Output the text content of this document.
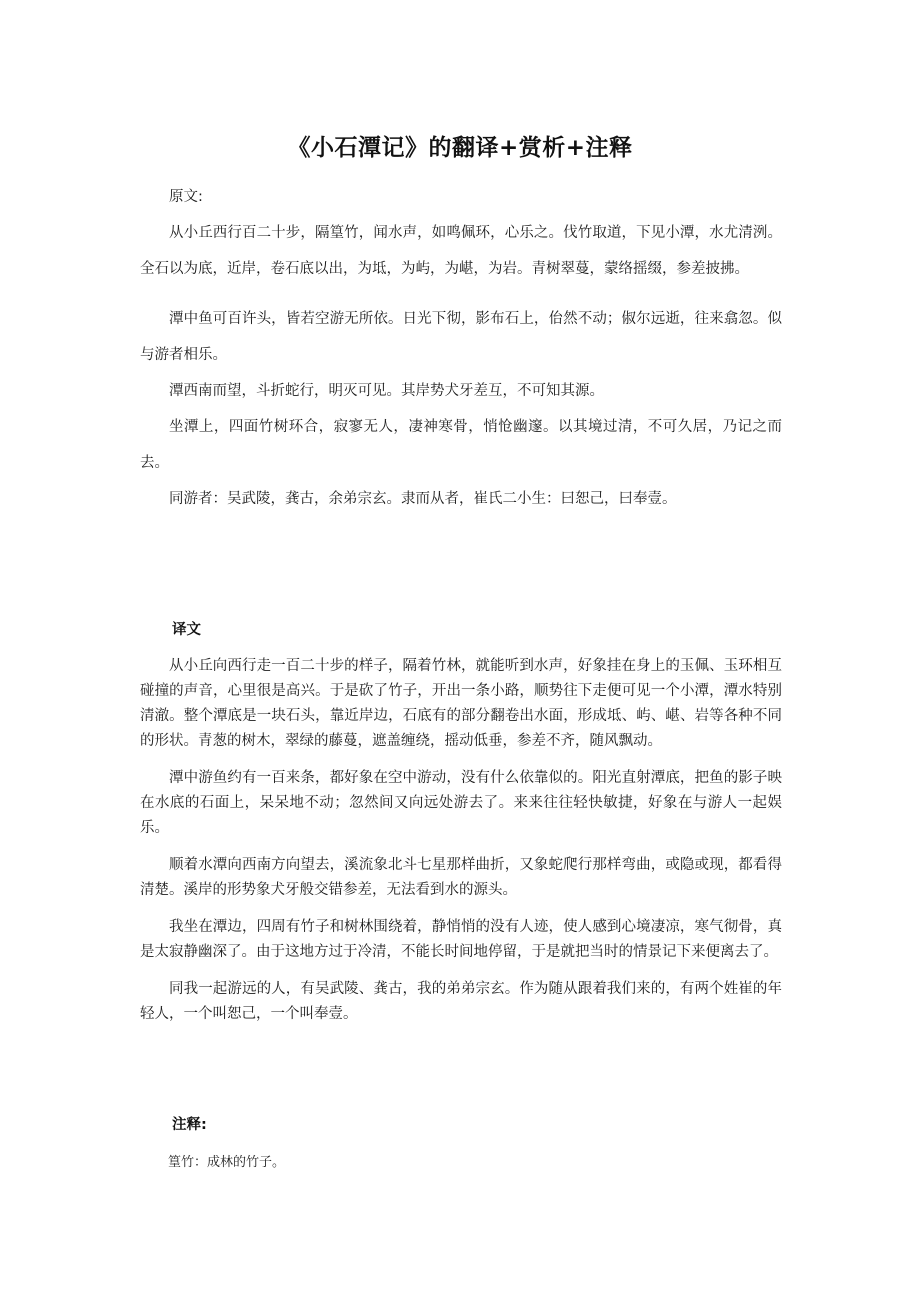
《小石潭记》的翻译+赏析+注释

原文:

从小丘西行百二十步，隔篁竹，闻水声，如鸣佩环，心乐之。伐竹取道，下见小潭，水尤清洌。全石以为底，近岸，卷石底以出，为坻，为屿，为嵁，为岩。青树翠蔓，蒙络摇缀，参差披拂。

潭中鱼可百许头，皆若空游无所依。日光下彻，影布石上，佁然不动；俶尔远逝，往来翕忽。似与游者相乐。

潭西南而望，斗折蛇行，明灭可见。其岸势犬牙差互，不可知其源。

坐潭上，四面竹树环合，寂寥无人，凄神寒骨，悄怆幽邃。以其境过清，不可久居，乃记之而去。

同游者：吴武陵，龚古，余弟宗玄。隶而从者，崔氏二小生：曰恕己，曰奉壹。

译文

从小丘向西行走一百二十步的样子，隔着竹林，就能听到水声，好象挂在身上的玉佩、玉环相互碰撞的声音，心里很是高兴。于是砍了竹子，开出一条小路，顺势往下走便可见一个小潭，潭水特别清澈。整个潭底是一块石头，靠近岸边，石底有的部分翻卷出水面，形成坻、屿、嵁、岩等各种不同的形状。青葱的树木，翠绿的藤蔓，遮盖缠绕，摇动低垂，参差不齐，随风飘动。

潭中游鱼约有一百来条，都好象在空中游动，没有什么依靠似的。阳光直射潭底，把鱼的影子映在水底的石面上，呆呆地不动；忽然间又向远处游去了。来来往往轻快敏捷，好象在与游人一起娱乐。

顺着水潭向西南方向望去，溪流象北斗七星那样曲折，又象蛇爬行那样弯曲，或隐或现，都看得清楚。溪岸的形势象犬牙般交错参差，无法看到水的源头。

我坐在潭边，四周有竹子和树林围绕着，静悄悄的没有人迹，使人感到心境凄凉，寒气彻骨，真是太寂静幽深了。由于这地方过于冷清，不能长时间地停留，于是就把当时的情景记下来便离去了。

同我一起游远的人，有吴武陵、龚古，我的弟弟宗玄。作为随从跟着我们来的，有两个姓崔的年轻人，一个叫恕己，一个叫奉壹。

注释:
篁竹：成林的竹子。
